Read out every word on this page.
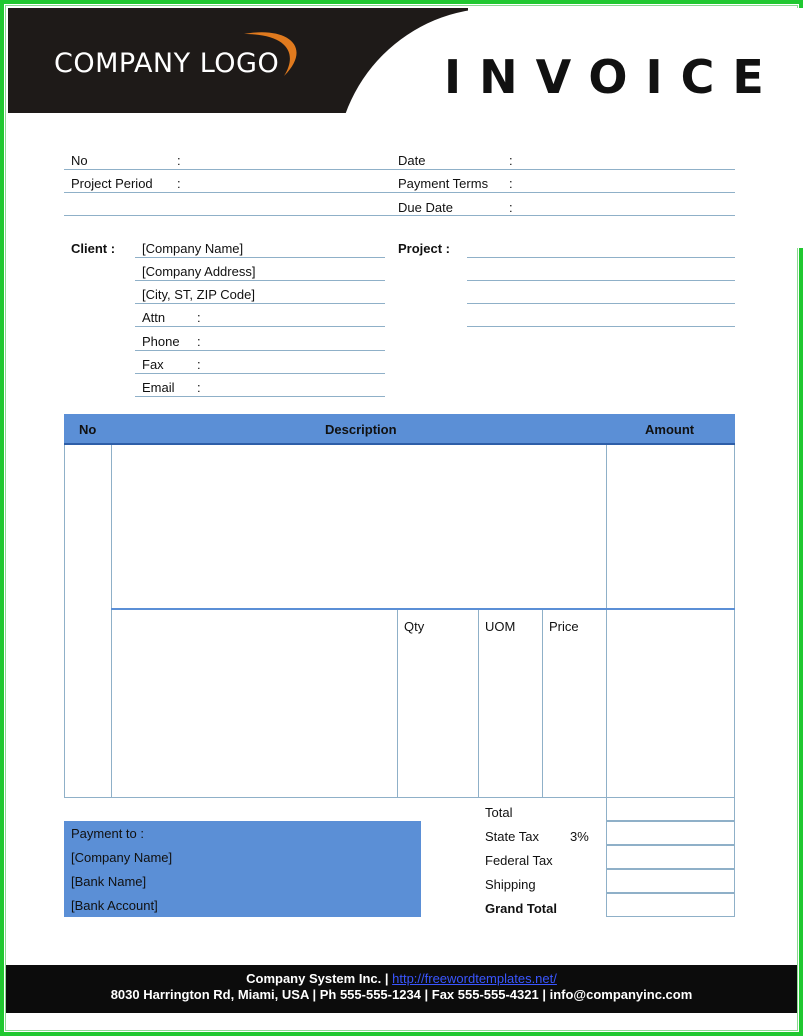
COMPANY LOGO	INVOICE
No	:
Project Period :
Date	:
Payment Terms :
Due Date	:
Client : [Company Name]
[Company Address]
[City, ST, ZIP Code]
Attn :
Phone :
Fax	:
Email :
Project :
No	Description	Amount
Qty	UOM	Price
Payment to :
[Company Name]
[Bank Name]
[Bank Account]
Total
State Tax 3%
Federal Tax
Shipping
Grand Total
Company System Inc. | http://freewordtemplates.net/
8030 Harrington Rd, Miami, USA | Ph 555-555-1234 | Fax 555-555-4321 | info@companyinc.com
